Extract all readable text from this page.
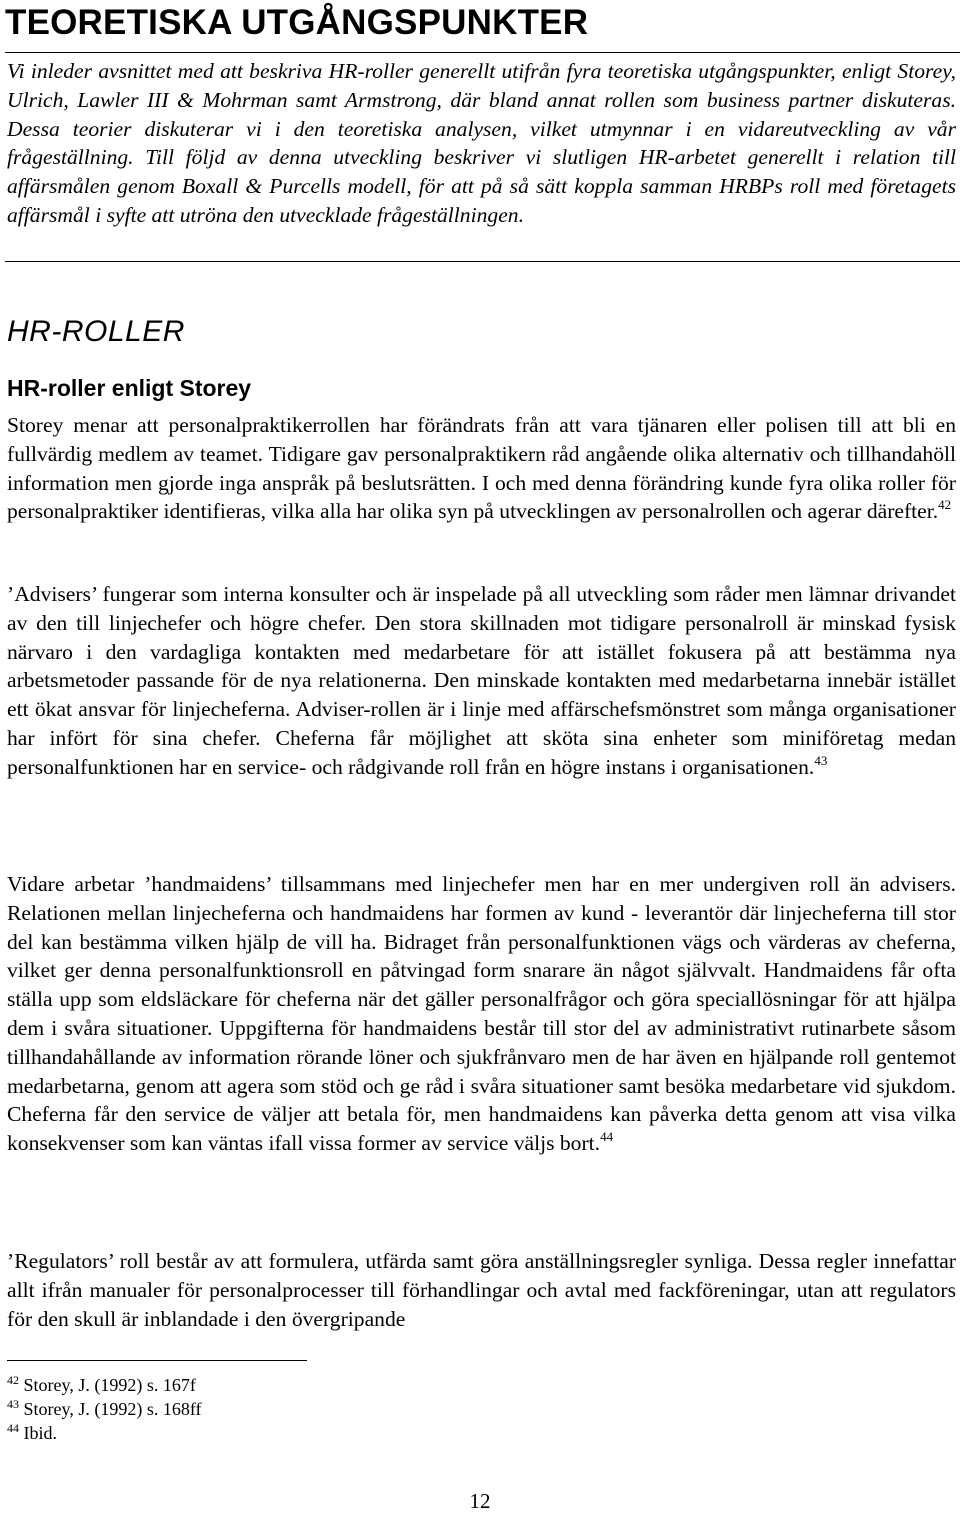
TEORETISKA UTGÅNGSPUNKTER

Vi inleder avsnittet med att beskriva HR-roller generellt utifrån fyra teoretiska utgångspunkter, enligt Storey, Ulrich, Lawler III & Mohrman samt Armstrong, där bland annat rollen som business partner diskuteras. Dessa teorier diskuterar vi i den teoretiska analysen, vilket utmynnar i en vidareutveckling av vår frågeställning. Till följd av denna utveckling beskriver vi slutligen HR-arbetet generellt i relation till affärsmålen genom Boxall & Purcells modell, för att på så sätt koppla samman HRBPs roll med företagets affärsmål i syfte att utröna den utvecklade frågeställningen.

HR-ROLLER
HR-roller enligt Storey

Storey menar att personalpraktikerrollen har förändrats från att vara tjänaren eller polisen till att bli en fullvärdig medlem av teamet. Tidigare gav personalpraktikern råd angående olika alternativ och tillhandahöll information men gjorde inga anspråk på beslutsrätten. I och med denna förändring kunde fyra olika roller för personalpraktiker identifieras, vilka alla har olika syn på utvecklingen av personalrollen och agerar därefter.$^{42}$

’Advisers’ fungerar som interna konsulter och är inspelade på all utveckling som råder men lämnar drivandet av den till linjechefer och högre chefer. Den stora skillnaden mot tidigare personalroll är minskad fysisk närvaro i den vardagliga kontakten med medarbetare för att istället fokusera på att bestämma nya arbetsmetoder passande för de nya relationerna. Den minskade kontakten med medarbetarna innebär istället ett ökat ansvar för linjecheferna. Adviser-rollen är i linje med affärschefsmönstret som många organisationer har infört för sina chefer. Cheferna får möjlighet att sköta sina enheter som miniföretag medan personalfunktionen har en service- och rådgivande roll från en högre instans i organisationen.$^{43}$

Vidare arbetar ’handmaidens’ tillsammans med linjechefer men har en mer undergiven roll än advisers. Relationen mellan linjecheferna och handmaidens har formen av kund - leverantör där linjecheferna till stor del kan bestämma vilken hjälp de vill ha. Bidraget från personalfunktionen vägs och värderas av cheferna, vilket ger denna personalfunktionsroll en påtvingad form snarare än något självvalt. Handmaidens får ofta ställa upp som eldsläckare för cheferna när det gäller personalfrågor och göra speciallösningar för att hjälpa dem i svåra situationer. Uppgifterna för handmaidens består till stor del av administrativt rutinarbete såsom tillhandahållande av information rörande löner och sjukfrånvaro men de har även en hjälpande roll gentemot medarbetarna, genom att agera som stöd och ge råd i svåra situationer samt besöka medarbetare vid sjukdom. Cheferna får den service de väljer att betala för, men handmaidens kan påverka detta genom att visa vilka konsekvenser som kan väntas ifall vissa former av service väljs bort.$^{44}$

’Regulators’ roll består av att formulera, utfärda samt göra anställningsregler synliga. Dessa regler innefattar allt ifrån manualer för personalprocesser till förhandlingar och avtal med fackföreningar, utan att regulators för den skull är inblandade i den övergripande

$^{42}$ Storey, J. (1992) s. 167f
$^{43}$ Storey, J. (1992) s. 168ff
$^{44}$ Ibid.

12
